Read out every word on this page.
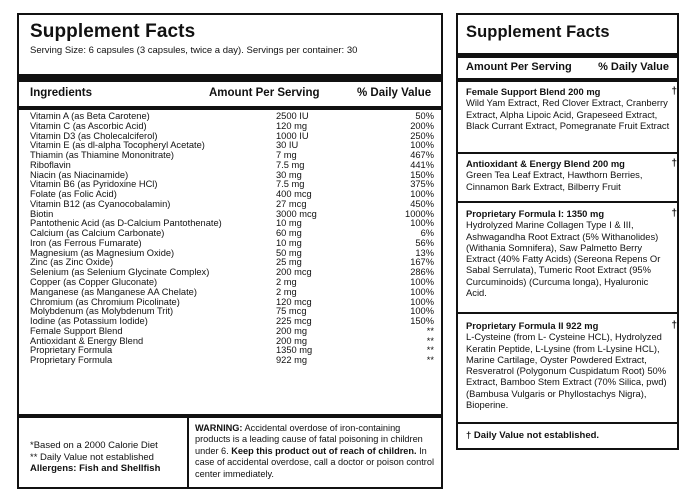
Supplement Facts
Serving Size: 6 capsules (3 capsules, twice a day). Servings per container: 30
Ingredients	Amount Per Serving	% Daily Value
Vitamin A (as Beta Carotene)	2500 IU	50%
Vitamin C (as Ascorbic Acid)	120 mg	200%
Vitamin D3 (as Cholecalciferol)	1000 IU	250%
Vitamin E (as dl-alpha Tocopheryl Acetate)	30 IU	100%
Thiamin (as Thiamine Mononitrate)	7 mg	467%
Riboflavin	7.5 mg	441%
Niacin (as Niacinamide)	30 mg	150%
Vitamin B6 (as Pyridoxine HCl)	7.5 mg	375%
Folate (as Folic Acid)	400 mcg	100%
Vitamin B12 (as Cyanocobalamin)	27 mcg	450%
Biotin	3000 mcg	1000%
Pantothenic Acid (as D-Calcium Pantothenate)	10 mg	100%
Calcium (as Calcium Carbonate)	60 mg	6%
Iron (as Ferrous Fumarate)	10 mg	56%
Magnesium (as Magnesium Oxide)	50 mg	13%
Zinc (as Zinc Oxide)	25 mg	167%
Selenium (as Selenium Glycinate Complex)	200 mcg	286%
Copper (as Copper Gluconate)	2 mg	100%
Manganese (as Manganese AA Chelate)	2 mg	100%
Chromium (as Chromium Picolinate)	120 mcg	100%
Molybdenum (as Molybdenum Trit)	75 mcg	100%
Iodine (as Potassium Iodide)	225 mcg	150%
Female Support Blend	200 mg	**
Antioxidant & Energy Blend	200 mg	**
Proprietary Formula	1350 mg	**
Proprietary Formula	922 mg	**
*Based on a 2000 Calorie Diet
** Daily Value not established
Allergens: Fish and Shellfish
WARNING: Accidental overdose of iron-containing products is a leading cause of fatal poisoning in children under 6. Keep this product out of reach of children. In case of accidental overdose, call a doctor or poison control center immediately.
Supplement Facts
Amount Per Serving % Daily Value
Female Support Blend 200 mg	†
Wild Yam Extract, Red Clover Extract, Cranberry Extract, Alpha Lipoic Acid, Grapeseed Extract, Black Currant Extract, Pomegranate Fruit Extract
Antioxidant & Energy Blend 200 mg	†
Green Tea Leaf Extract, Hawthorn Berries, Cinnamon Bark Extract, Bilberry Fruit
Proprietary Formula I: 1350 mg	†
Hydrolyzed Marine Collagen Type I & III, Ashwagandha Root Extract (5% Withanolides) (Withania Somnifera), Saw Palmetto Berry Extract (40% Fatty Acids) (Sereona Repens Or Sabal Serrulata), Tumeric Root Extract (95% Curcuminoids) (Curcuma longa), Hyaluronic Acid.
Proprietary Formula II 922 mg	†
L-Cysteine (from L- Cysteine HCL), Hydrolyzed Keratin Peptide, L-Lysine (from L-Lysine HCL), Marine Cartilage, Oyster Powdered Extract, Resveratrol (Polygonum Cuspidatum Root) 50% Extract, Bamboo Stem Extract (70% Silica, pwd) (Bambusa Vulgaris or Phyllostachys Nigra), Bioperine.
† Daily Value not established.
